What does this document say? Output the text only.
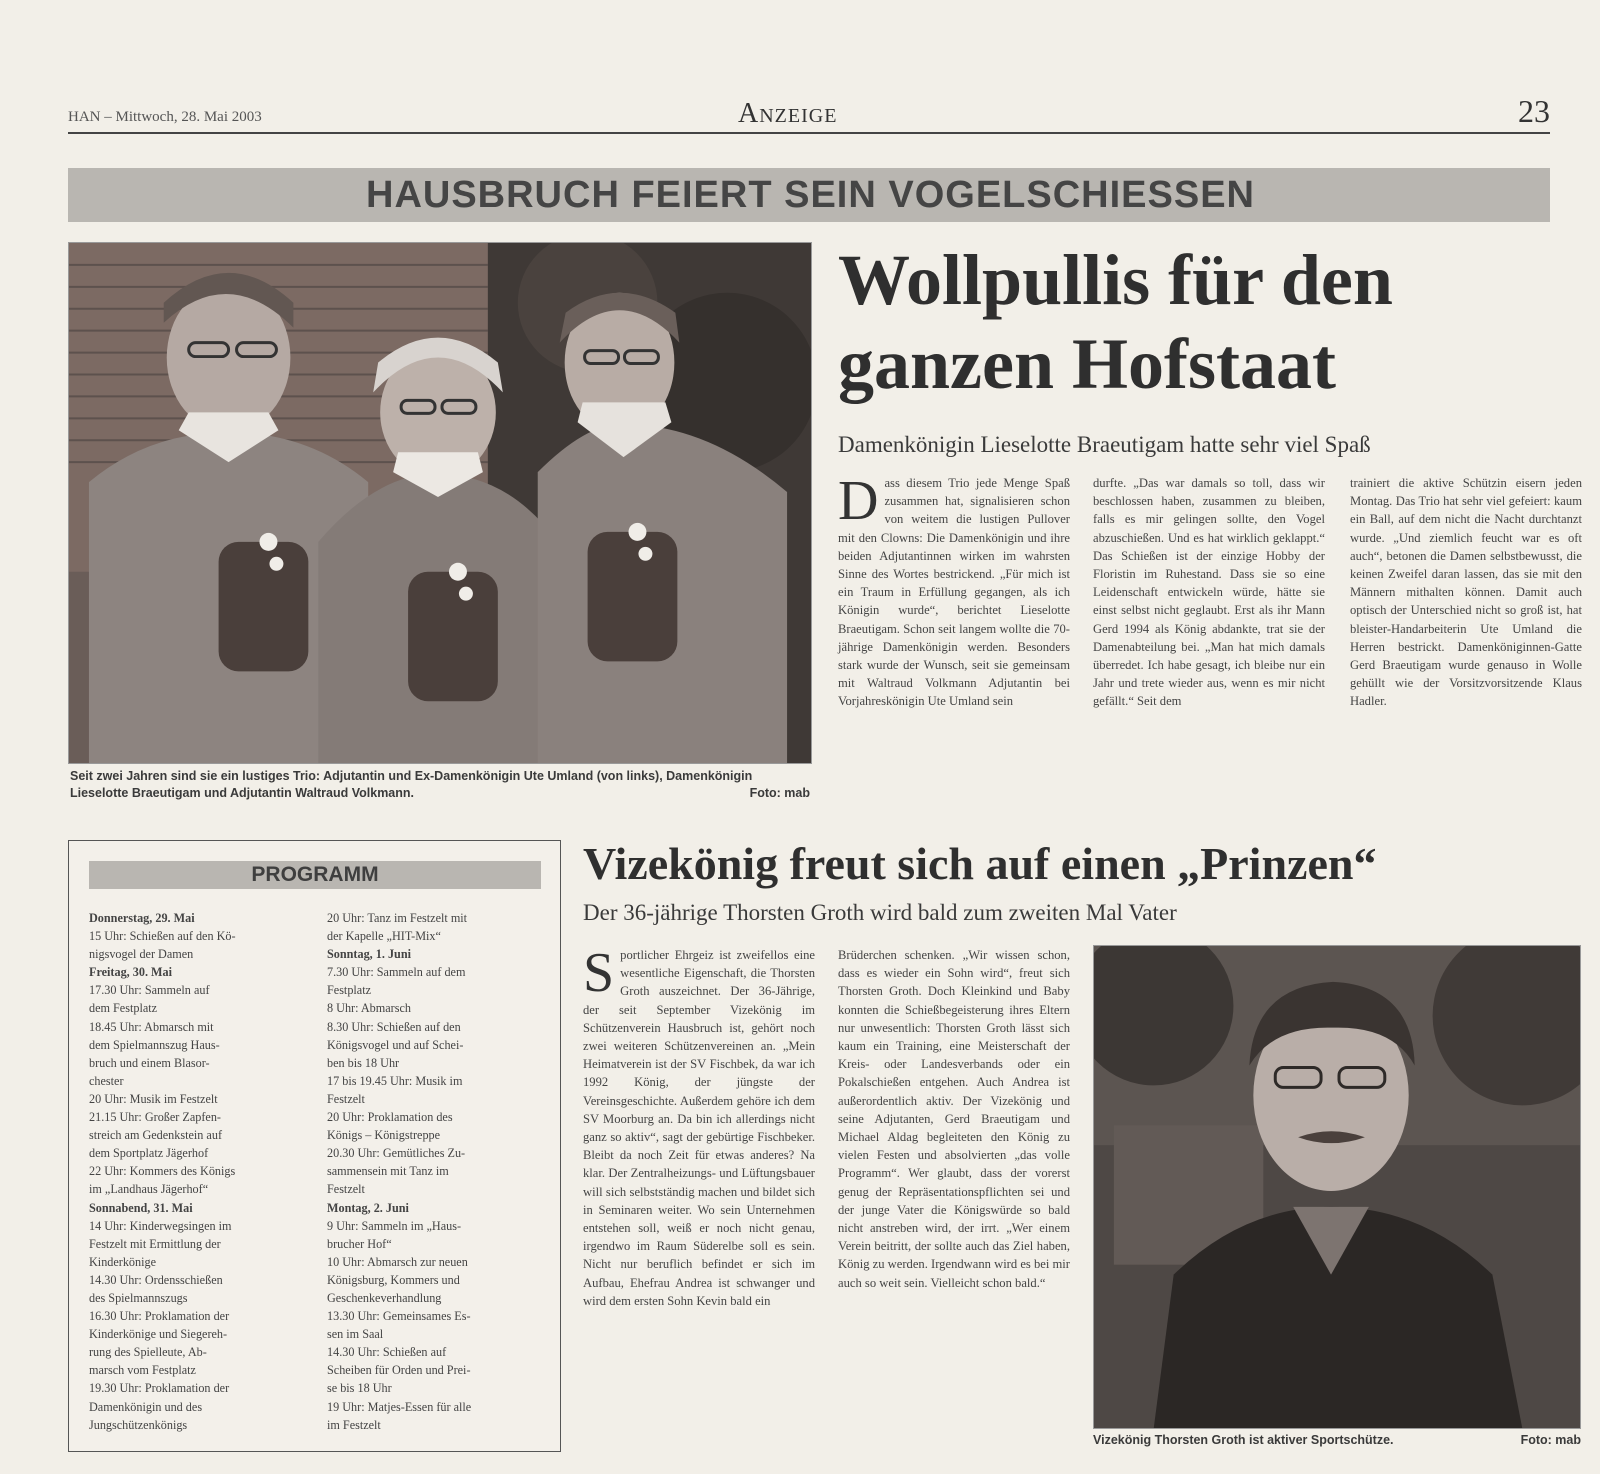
HAN – Mittwoch, 28. Mai 2003	Anzeige	23
HAUSBRUCH FEIERT SEIN VOGELSCHIESSEN
Seit zwei Jahren sind sie ein lustiges Trio: Adjutantin und Ex-Damenkönigin Ute Umland (von links), Damenkönigin Lieselotte Braeutigam und Adjutantin Waltraud Volkmann.	Foto: mab
Wollpullis für den
ganzen Hofstaat
Damenkönigin Lieselotte Braeutigam hatte sehr viel Spaß
Dass diesem Trio jede Menge Spaß zusammen hat, signalisieren schon von weitem die lustigen Pullover mit den Clowns: Die Damenkönigin und ihre beiden Adjutantinnen wirken im wahrsten Sinne des Wortes bestrickend. „Für mich ist ein Traum in Erfüllung gegangen, als ich Königin wurde“, berichtet Lieselotte Braeutigam. Schon seit langem wollte die 70-jährige Damenkönigin werden. Besonders stark wurde der Wunsch, seit sie gemeinsam mit Waltraud Volkmann Adjutantin bei Vorjahreskönigin Ute Umland sein
durfte. „Das war damals so toll, dass wir beschlossen haben, zusammen zu bleiben, falls es mir gelingen sollte, den Vogel abzuschießen. Und es hat wirklich geklappt.“ Das Schießen ist der einzige Hobby der Floristin im Ruhestand. Dass sie so eine Leidenschaft entwickeln würde, hätte sie einst selbst nicht geglaubt. Erst als ihr Mann Gerd 1994 als König abdankte, trat sie der Damenabteilung bei. „Man hat mich damals überredet. Ich habe gesagt, ich bleibe nur ein Jahr und trete wieder aus, wenn es mir nicht gefällt.“ Seit dem
trainiert die aktive Schützin eisern jeden Montag. Das Trio hat sehr viel gefeiert: kaum ein Ball, auf dem nicht die Nacht durchtanzt wurde. „Und ziemlich feucht war es oft auch“, betonen die Damen selbstbewusst, die keinen Zweifel daran lassen, das sie mit den Männern mithalten können. Damit auch optisch der Unterschied nicht so groß ist, hat bleister-Handarbeiterin Ute Umland die Herren bestrickt. Damenköniginnen-Gatte Gerd Braeutigam wurde genauso in Wolle gehüllt wie der Vorsitzvorsitzende Klaus Hadler.
PROGRAMM
Donnerstag, 29. Mai
15 Uhr: Schießen auf den Kö-
nigsvogel der Damen
Freitag, 30. Mai
17.30 Uhr: Sammeln auf
dem Festplatz
18.45 Uhr: Abmarsch mit
dem Spielmannszug Haus-
bruch und einem Blasor-
chester
20 Uhr: Musik im Festzelt
21.15 Uhr: Großer Zapfen-
streich am Gedenkstein auf
dem Sportplatz Jägerhof
22 Uhr: Kommers des Königs
im „Landhaus Jägerhof“
Sonnabend, 31. Mai
14 Uhr: Kinderwegsingen im
Festzelt mit Ermittlung der
Kinderkönige
14.30 Uhr: Ordensschießen
des Spielmannszugs
16.30 Uhr: Proklamation der
Kinderkönige und Siegereh-
rung des Spielleute, Ab-
marsch vom Festplatz
19.30 Uhr: Proklamation der
Damenkönigin und des
Jungschützenkönigs
20 Uhr: Tanz im Festzelt mit
der Kapelle „HIT-Mix“
Sonntag, 1. Juni
7.30 Uhr: Sammeln auf dem
Festplatz
8 Uhr: Abmarsch
8.30 Uhr: Schießen auf den
Königsvogel und auf Schei-
ben bis 18 Uhr
17 bis 19.45 Uhr: Musik im
Festzelt
20 Uhr: Proklamation des
Königs – Königstreppe
20.30 Uhr: Gemütliches Zu-
sammensein mit Tanz im
Festzelt
Montag, 2. Juni
9 Uhr: Sammeln im „Haus-
brucher Hof“
10 Uhr: Abmarsch zur neuen
Königsburg, Kommers und
Geschenkeverhandlung
13.30 Uhr: Gemeinsames Es-
sen im Saal
14.30 Uhr: Schießen auf
Scheiben für Orden und Prei-
se bis 18 Uhr
19 Uhr: Matjes-Essen für alle
im Festzelt
Vizekönig freut sich auf einen „Prinzen“
Der 36-jährige Thorsten Groth wird bald zum zweiten Mal Vater
Sportlicher Ehrgeiz ist zweifellos eine wesentliche Eigenschaft, die Thorsten Groth auszeichnet. Der 36-Jährige, der seit September Vizekönig im Schützenverein Hausbruch ist, gehört noch zwei weiteren Schützenvereinen an. „Mein Heimatverein ist der SV Fischbek, da war ich 1992 König, der jüngste der Vereinsgeschichte. Außerdem gehöre ich dem SV Moorburg an. Da bin ich allerdings nicht ganz so aktiv“, sagt der gebürtige Fischbeker. Bleibt da noch Zeit für etwas anderes? Na klar. Der Zentralheizungs- und Lüftungsbauer will sich selbstständig machen und bildet sich in Seminaren weiter. Wo sein Unternehmen entstehen soll, weiß er noch nicht genau, irgendwo im Raum Süderelbe soll es sein. Nicht nur beruflich befindet er sich im Aufbau, Ehefrau Andrea ist schwanger und wird dem ersten Sohn Kevin bald ein
Brüderchen schenken. „Wir wissen schon, dass es wieder ein Sohn wird“, freut sich Thorsten Groth. Doch Kleinkind und Baby konnten die Schießbegeisterung ihres Eltern nur unwesentlich: Thorsten Groth lässt sich kaum ein Training, eine Meisterschaft der Kreis- oder Landesverbands oder ein Pokalschießen entgehen. Auch Andrea ist außerordentlich aktiv. Der Vizekönig und seine Adjutanten, Gerd Braeutigam und Michael Aldag begleiteten den König zu vielen Festen und absolvierten „das volle Programm“. Wer glaubt, dass der vorerst genug der Repräsentationspflichten sei und der junge Vater die Königswürde so bald nicht anstreben wird, der irrt. „Wer einem Verein beitritt, der sollte auch das Ziel haben, König zu werden. Irgendwann wird es bei mir auch so weit sein. Vielleicht schon bald.“
Vizekönig Thorsten Groth ist aktiver Sportschütze.	Foto: mab
